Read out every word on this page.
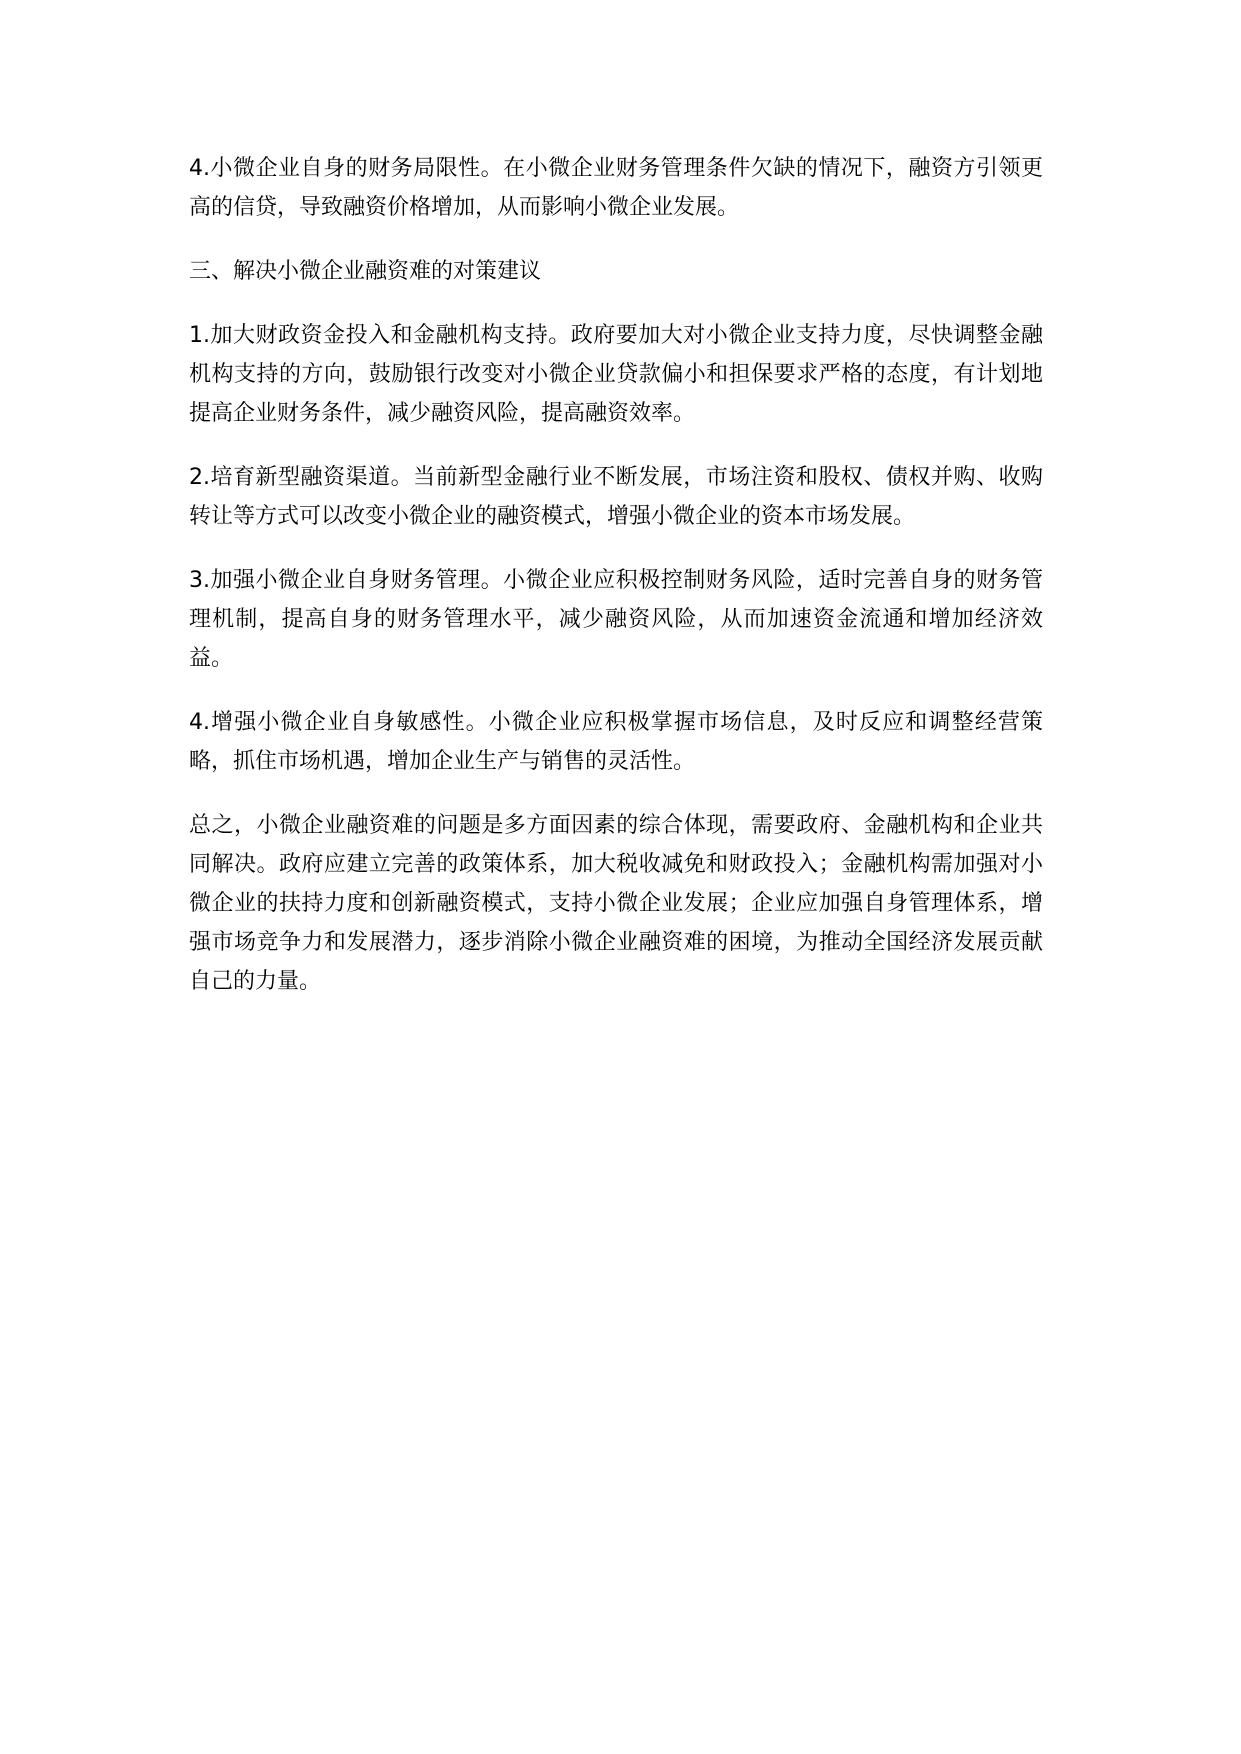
4.小微企业自身的财务局限性。在小微企业财务管理条件欠缺的情况下，融资方引领更高的信贷，导致融资价格增加，从而影响小微企业发展。

三、解决小微企业融资难的对策建议

1.加大财政资金投入和金融机构支持。政府要加大对小微企业支持力度，尽快调整金融机构支持的方向，鼓励银行改变对小微企业贷款偏小和担保要求严格的态度，有计划地提高企业财务条件，减少融资风险，提高融资效率。

2.培育新型融资渠道。当前新型金融行业不断发展，市场注资和股权、债权并购、收购转让等方式可以改变小微企业的融资模式，增强小微企业的资本市场发展。

3.加强小微企业自身财务管理。小微企业应积极控制财务风险，适时完善自身的财务管理机制，提高自身的财务管理水平，减少融资风险，从而加速资金流通和增加经济效益。

4.增强小微企业自身敏感性。小微企业应积极掌握市场信息，及时反应和调整经营策略，抓住市场机遇，增加企业生产与销售的灵活性。

总之，小微企业融资难的问题是多方面因素的综合体现，需要政府、金融机构和企业共同解决。政府应建立完善的政策体系，加大税收减免和财政投入；金融机构需加强对小微企业的扶持力度和创新融资模式，支持小微企业发展；企业应加强自身管理体系，增强市场竞争力和发展潜力，逐步消除小微企业融资难的困境，为推动全国经济发展贡献自己的力量。
